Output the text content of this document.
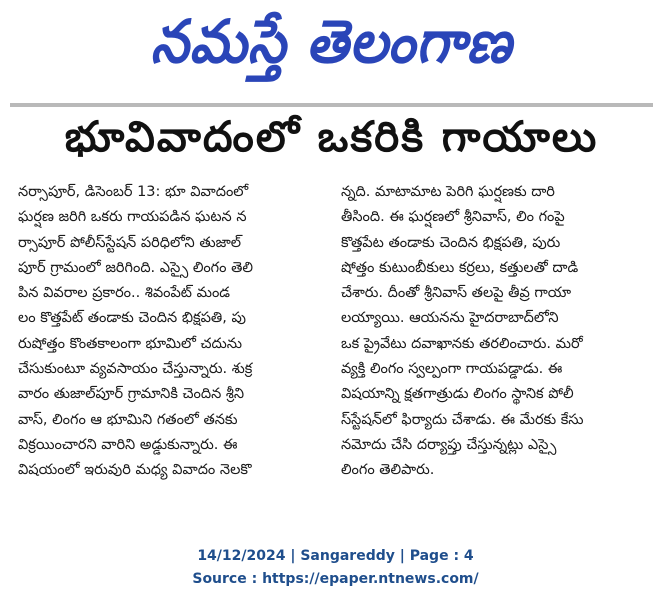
నమస్తే తెలంగాణ
భూవివాదంలో ఒకరికి గాయాలు
నర్సాపూర్, డిసెంబర్ 13: భూ వివాదంలో
ఘర్షణ జరిగి ఒకరు గాయపడిన ఘటన న
ర్సాపూర్ పోలీస్‌స్టేషన్ పరిధిలోని తుజాల్
పూర్ గ్రామంలో జరిగింది. ఎస్సై లింగం తెలి
పిన వివరాల ప్రకారం.. శివంపేట్ మండ
లం కొత్తపేట్ తండాకు చెందిన భిక్షపతి, పు
రుషోత్తం కొంతకాలంగా భూమిలో చదును
చేసుకుంటూ వ్యవసాయం చేస్తున్నారు. శుక్ర
వారం తుజాల్‌పూర్ గ్రామానికి చెందిన శ్రీని
వాస్, లింగం ఆ భూమిని గతంలో తనకు
విక్రయించారని వారిని అడ్డుకున్నారు. ఈ
విషయంలో ఇరువురి మధ్య వివాదం నెలకొ
న్నది. మాటామాట పెరిగి ఘర్షణకు దారి
తీసింది. ఈ ఘర్షణలో శ్రీనివాస్, లిం గంపై
కొత్తపేట తండాకు చెందిన భిక్షపతి, పురు
షోత్తం కుటుంబీకులు కర్రలు, కత్తులతో దాడి
చేశారు. దీంతో శ్రీనివాస్ తలపై తీవ్ర గాయా
లయ్యాయి. ఆయనను హైదరాబాద్‌లోని
ఒక ప్రైవేటు దవాఖానకు తరలించారు. మరో
వ్యక్తి లింగం స్వల్పంగా గాయపడ్డాడు. ఈ
విషయాన్ని క్షతగాత్రుడు లింగం స్థానిక పోలీ
స్‌స్టేషన్‌లో ఫిర్యాదు చేశాడు. ఈ మేరకు కేసు
నమోదు చేసి దర్యాప్తు చేస్తున్నట్లు ఎస్సై
లింగం తెలిపారు.
14/12/2024 | Sangareddy | Page : 4
Source : https://epaper.ntnews.com/
